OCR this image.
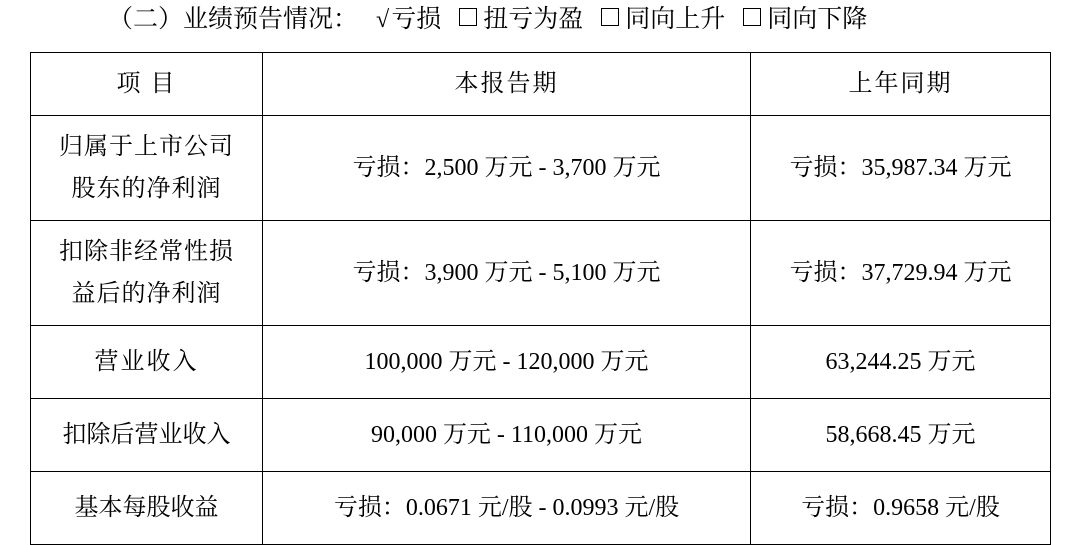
（二）业绩预告情况： √亏损 扭亏为盈 同向上升 同向下降
项 目	本报告期	上年同期

归属于上市公司
股东的净利润	亏损：2,500 万元 - 3,700 万元	亏损：35,987.34 万元

扣除非经常性损
益后的净利润	亏损：3,900 万元 - 5,100 万元	亏损：37,729.94 万元
营业收入	100,000 万元 - 120,000 万元	63,244.25 万元
扣除后营业收入	90,000 万元 - 110,000 万元	58,668.45 万元
基本每股收益	亏损：0.0671 元/股 - 0.0993 元/股	亏损：0.9658 元/股
